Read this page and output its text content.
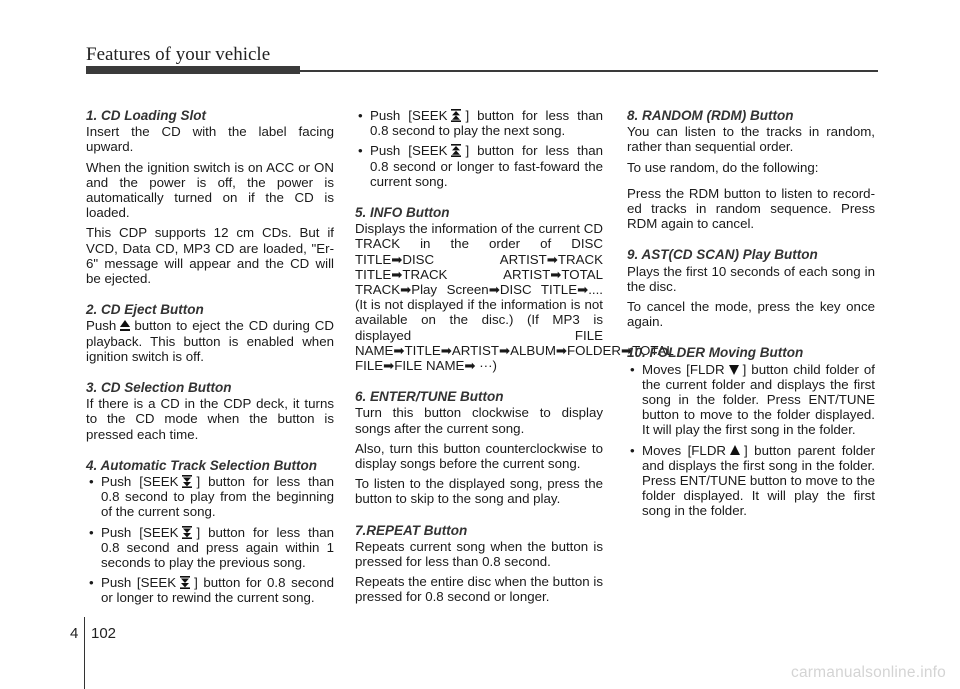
Features of your vehicle
1. CD Loading Slot

Insert the CD with the label facing upward.

When the ignition switch is on ACC or ON and the power is off, the power is automatically turned on if the CD is loaded.

This CDP supports 12 cm CDs. But if VCD, Data CD, MP3 CD are loaded, "Er-6" message will appear and the CD will be ejected.

2. CD Eject Button

Push button to eject the CD during CD playback. This button is enabled when ignition switch is off.

3. CD Selection Button

If there is a CD in the CDP deck, it turns to the CD mode when the button is pressed each time.

4. Automatic Track Selection Button

• Push [SEEK ] button for less than 0.8 second to play from the beginning of the current song.

• Push [SEEK ] button for less than 0.8 second and press again within 1 seconds to play the previous song.

• Push [SEEK ] button for 0.8 second or longer to rewind the current song.

• Push [SEEK ] button for less than 0.8 second to play the next song.

• Push [SEEK ] button for less than 0.8 second or longer to fast-foward the current song.

5. INFO Button

Displays the information of the current CD TRACK in the order of DISC TITLE➡DISC ARTIST➡TRACK TITLE➡TRACK ARTIST➡TOTAL TRACK➡Play Screen➡DISC TITLE➡....(It is not displayed if the information is not available on the disc.) (If MP3 is displayed FILE NAME➡TITLE➡ARTIST➡ALBUM➡FOLDER➡TOTAL FILE➡FILE NAME➡ ···)

6. ENTER/TUNE Button

Turn this button clockwise to display songs after the current song.

Also, turn this button counterclockwise to display songs before the current song.

To listen to the displayed song, press the button to skip to the song and play.

7.REPEAT Button

Repeats current song when the button is pressed for less than 0.8 second.

Repeats the entire disc when the button is pressed for 0.8 second or longer.

8. RANDOM (RDM) Button

You can listen to the tracks in random, rather than sequential order.

To use random, do the following:

Press the RDM button to listen to record-ed tracks in random sequence. Press RDM again to cancel.

9. AST(CD SCAN) Play Button

Plays the first 10 seconds of each song in the disc.

To cancel the mode, press the key once again.

10. FOLDER Moving Button

• Moves [FLDR ] button child folder of the current folder and displays the first song in the folder. Press ENT/TUNE button to move to the folder displayed. It will play the first song in the folder.

• Moves [FLDR ] button parent folder and displays the first song in the folder. Press ENT/TUNE button to move to the folder displayed. It will play the first song in the folder.

4 102
carmanualsonline.info
